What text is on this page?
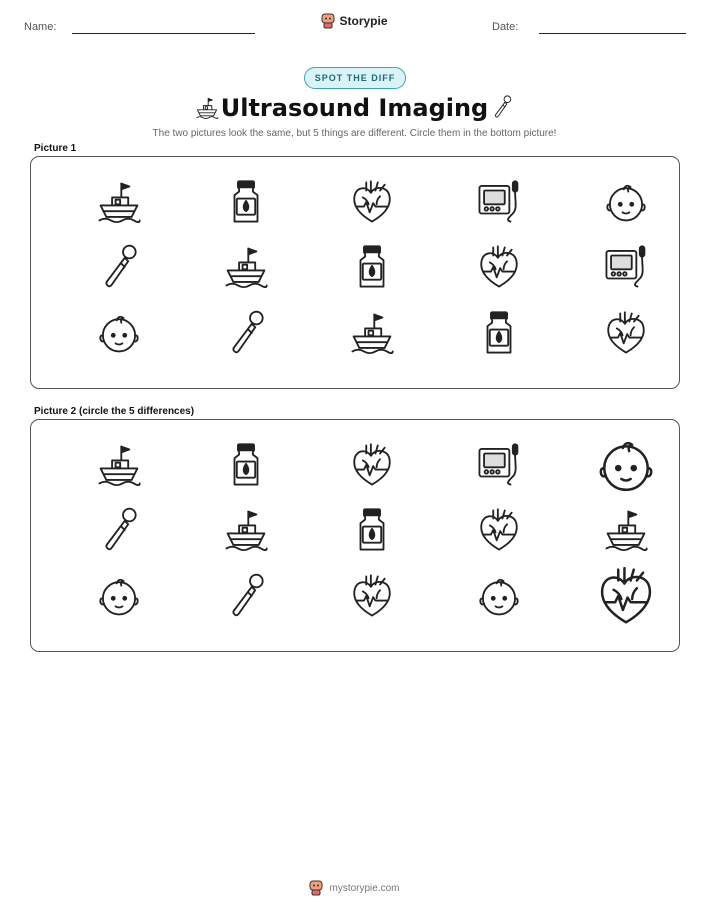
Name:	Storypie	Date:
SPOT THE DIFF
Ultrasound Imaging
The two pictures look the same, but 5 things are different. Circle them in the bottom picture!
Picture 1
Picture 2 (circle the 5 differences)
mystorypie.com
